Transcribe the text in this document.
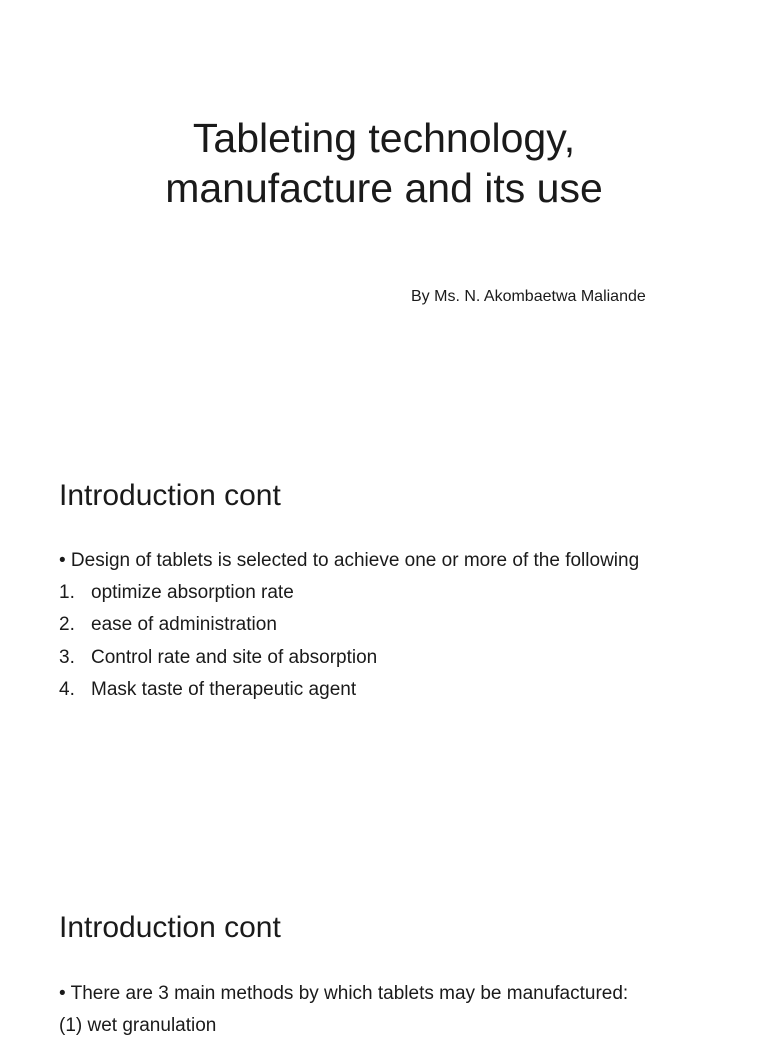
Tableting technology,
manufacture and its use

By Ms. N. Akombaetwa Maliande

Introduction cont

• Design of tablets is selected to achieve one or more of the following

1. optimize absorption rate
2. ease of administration
3. Control rate and site of absorption
4. Mask taste of therapeutic agent
Introduction cont

• There are 3 main methods by which tablets may be manufactured:

(1) wet granulation
